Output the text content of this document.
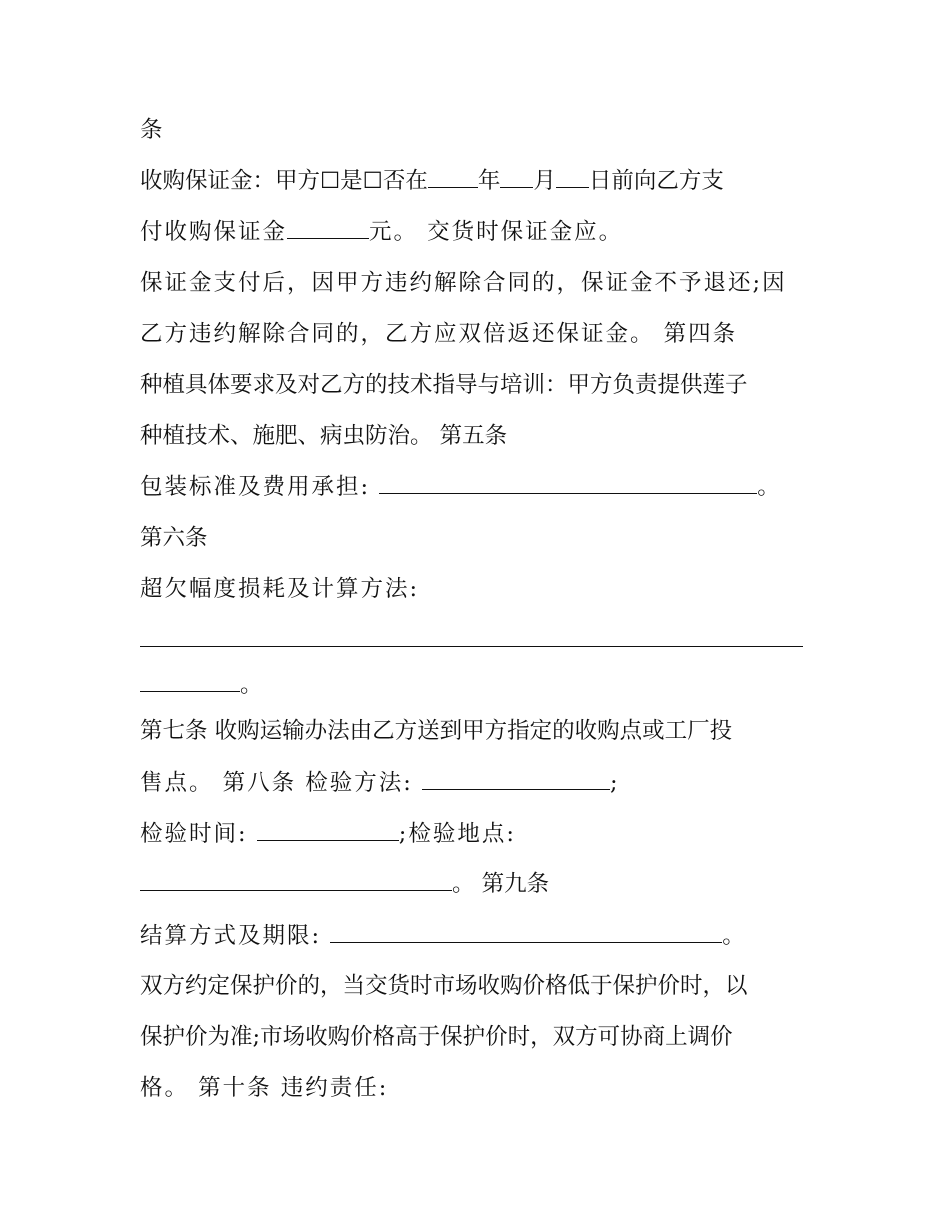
条

收购保证金：甲方☐是☐否在 年 月 日前向乙方支

付收购保证金	元。 交货时保证金应。

保证金支付后，因甲方违约解除合同的，保证金不予退还;因

乙方违约解除合同的，乙方应双倍返还保证金。 第四条

种植具体要求及对乙方的技术指导与培训：甲方负责提供莲子

种植技术、施肥、病虫防治。 第五条

包装标准及费用承担:	。

第六条

超欠幅度损耗及计算方法:

。

第七条 收购运输办法由乙方送到甲方指定的收购点或工厂投

售点。 第八条 检验方法:	;

检验时间:	;检验地点:

。 第九条

结算方式及期限:	。

双方约定保护价的，当交货时市场收购价格低于保护价时，以

保护价为准;市场收购价格高于保护价时，双方可协商上调价

格。 第十条 违约责任:
